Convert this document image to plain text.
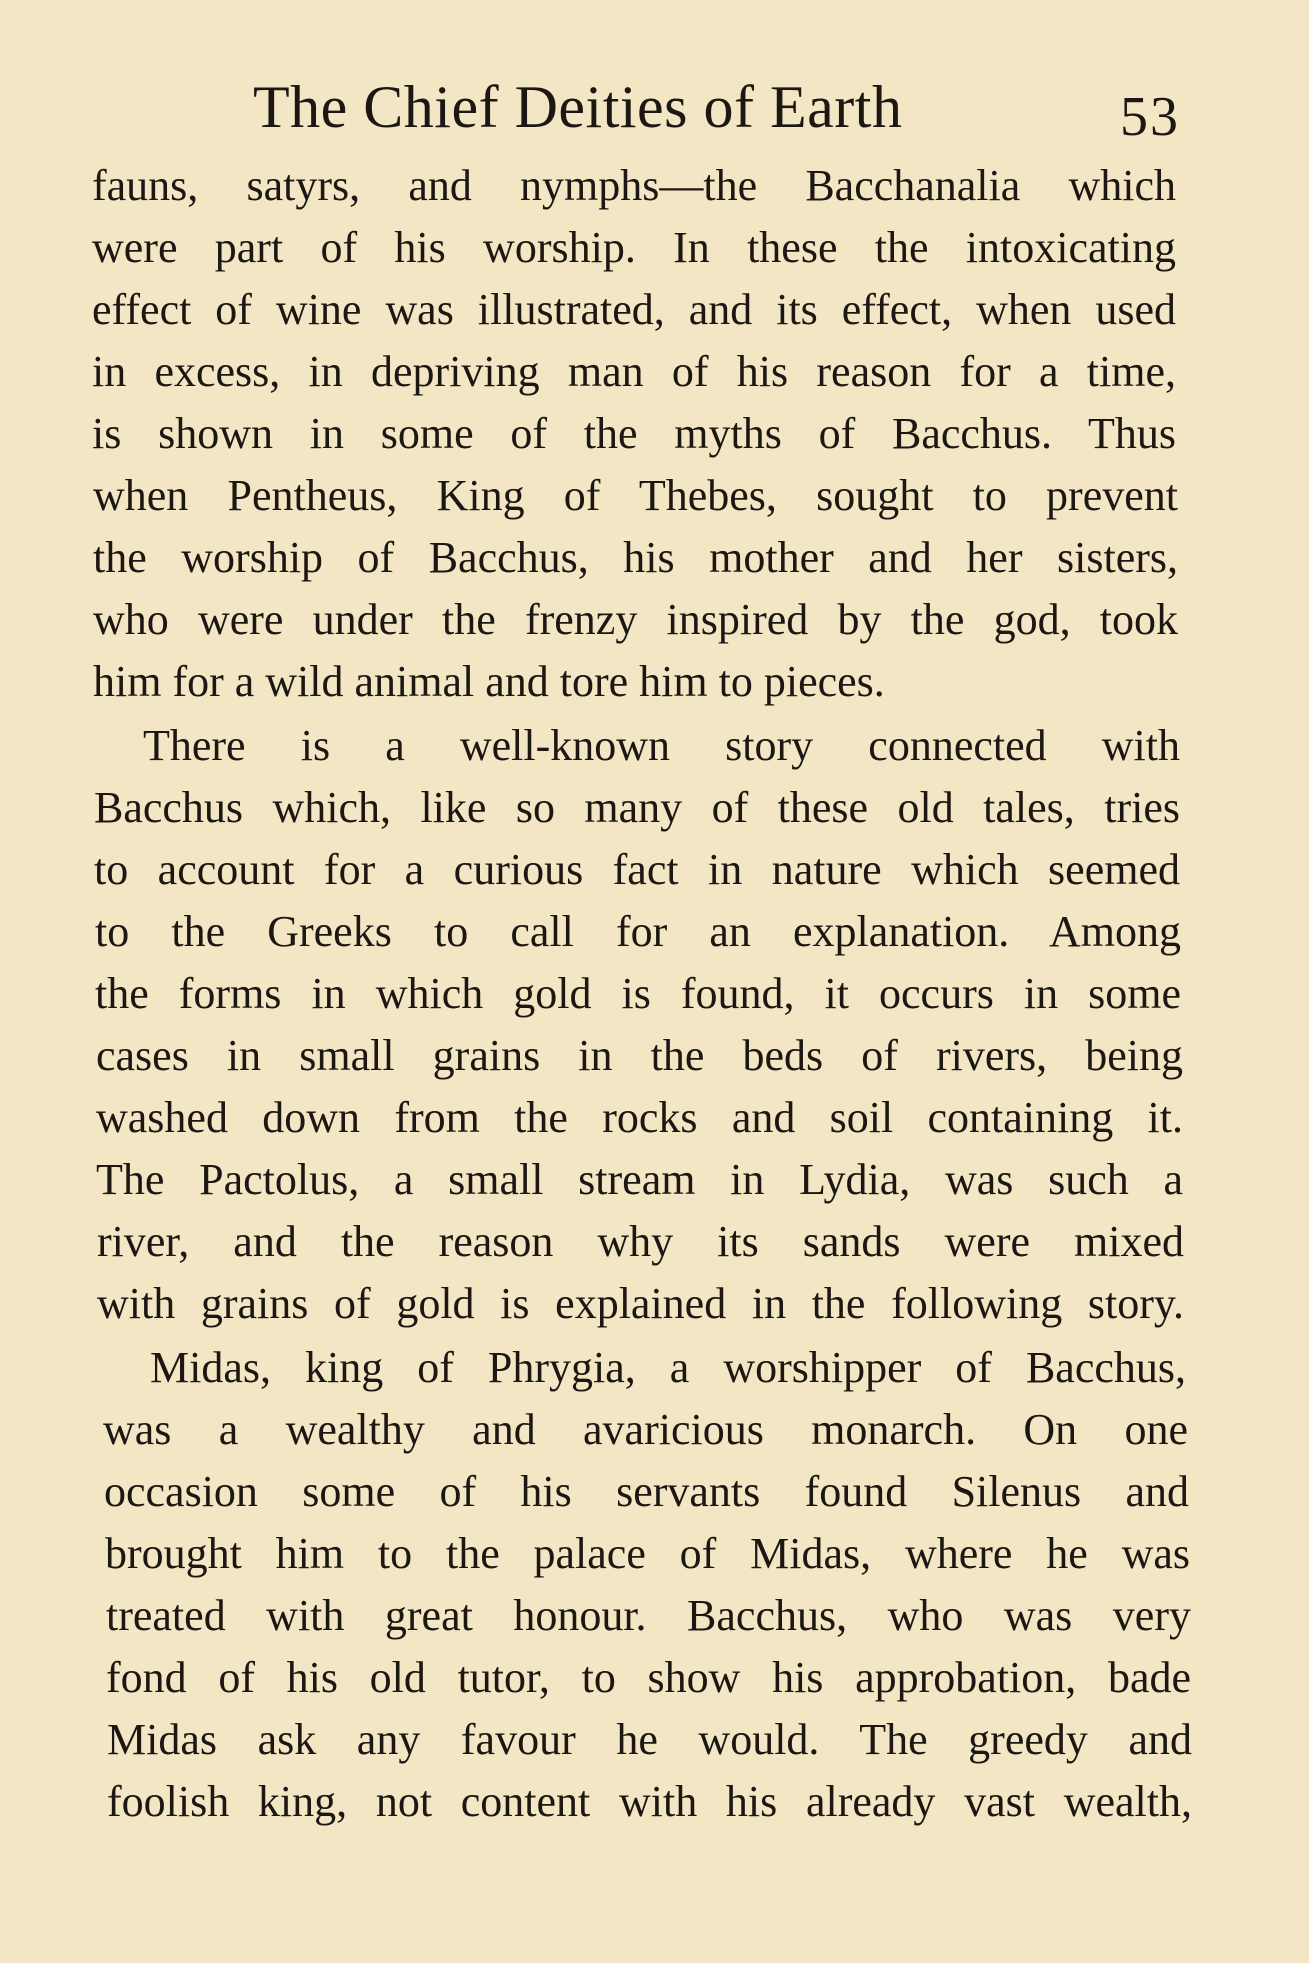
The Chief Deities of Earth	53
fauns, satyrs, and nymphs—the Bacchanalia which
were part of his worship. In these the intoxicating
effect of wine was illustrated, and its effect, when used
in excess, in depriving man of his reason for a time,
is shown in some of the myths of Bacchus. Thus
when Pentheus, King of Thebes, sought to prevent
the worship of Bacchus, his mother and her sisters,
who were under the frenzy inspired by the god, took
him for a wild animal and tore him to pieces.
There is a well-known story connected with
Bacchus which, like so many of these old tales, tries
to account for a curious fact in nature which seemed
to the Greeks to call for an explanation. Among
the forms in which gold is found, it occurs in some
cases in small grains in the beds of rivers, being
washed down from the rocks and soil containing it.
The Pactolus, a small stream in Lydia, was such a
river, and the reason why its sands were mixed
with grains of gold is explained in the following story.
Midas, king of Phrygia, a worshipper of Bacchus,
was a wealthy and avaricious monarch. On one
occasion some of his servants found Silenus and
brought him to the palace of Midas, where he was
treated with great honour. Bacchus, who was very
fond of his old tutor, to show his approbation, bade
Midas ask any favour he would. The greedy and
foolish king, not content with his already vast wealth,
